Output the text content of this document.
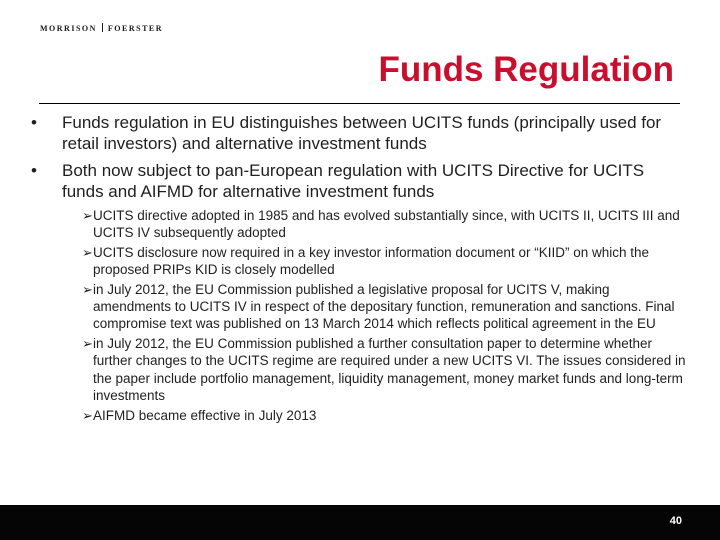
MORRISON FOERSTER
Funds Regulation
• Funds regulation in EU distinguishes between UCITS funds (principally used for retail investors) and alternative investment funds
• Both now subject to pan-European regulation with UCITS Directive for UCITS funds and AIFMD for alternative investment funds
➢ UCITS directive adopted in 1985 and has evolved substantially since, with UCITS II, UCITS III and UCITS IV subsequently adopted
➢ UCITS disclosure now required in a key investor information document or “KIID” on which the proposed PRIPs KID is closely modelled
➢ in July 2012, the EU Commission published a legislative proposal for UCITS V, making amendments to UCITS IV in respect of the depositary function, remuneration and sanctions. Final compromise text was published on 13 March 2014 which reflects political agreement in the EU
➢ in July 2012, the EU Commission published a further consultation paper to determine whether further changes to the UCITS regime are required under a new UCITS VI. The issues considered in the paper include portfolio management, liquidity management, money market funds and long-term investments
➢ AIFMD became effective in July 2013
40
